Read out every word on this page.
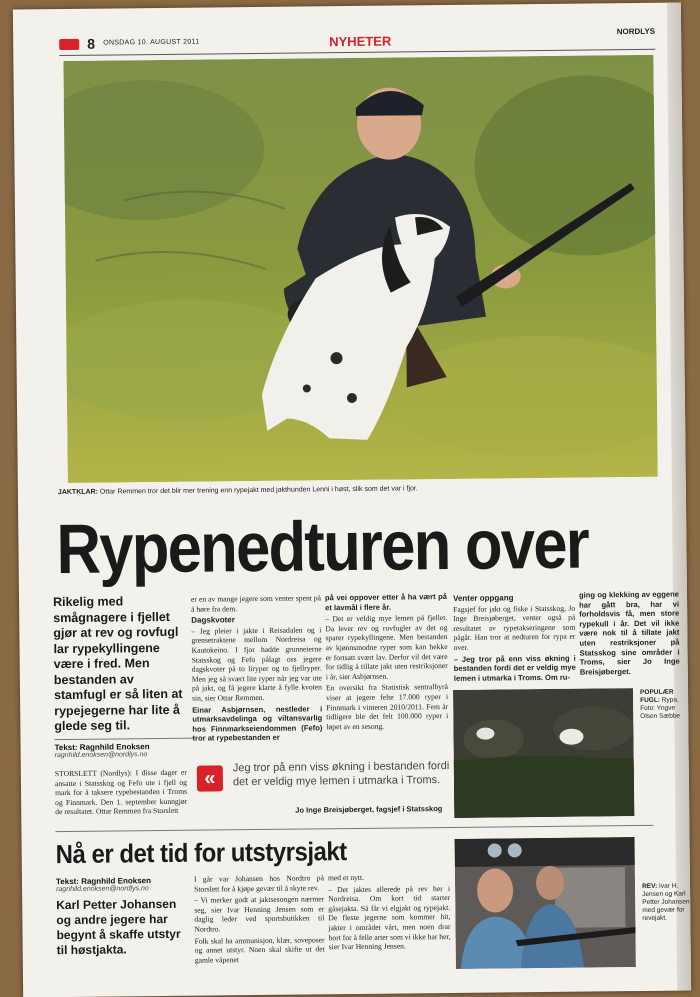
8 ONSDAG 10. AUGUST 2011	NYHETER
NORDLYS
JAKTKLAR: Ottar Remmen tror det blir mer trening enn rypejakt med jakthunden Lenni i høst, slik som det var i fjor.
Rypenedturen over
Rikelig med smågnagere i fjellet gjør at rev og rovfugl lar rypekyllingene være i fred. Men bestanden av stamfugl er så liten at rypejegerne har lite å glede seg til.
Tekst: Ragnhild Enoksen
ragnhild.enoksen@nordlys.no

STORSLETT (Nordlys): I disse dager er ansatte i Statsskog og Fefo ute i fjell og mark for å taksere rypebestanden i Troms og Finnmark. Den 1. september kunngjør de resultatet. Ottar Remmen fra Storslett

er en av mange jegere som venter spent på å høre fra dem.

Dagskvoter

– Jeg pleier i jakte i Reisadalen og i grensetraktene mellom Nordreisa og Kautokeino. I fjor hadde grunneierne Statsskog og Fefo pålagt oss jegere dagskvoter på to liryper og to fjellryper. Men jeg så svært lite ryper når jeg var ute på jakt, og få jegere klarte å fylle kvoten sin, sier Ottar Remmen.

Einar Asbjørnsen, nestleder i utmarksavdelinga og viltansvarlig hos Finnmarkseiendommen (Fefo) tror at rypebestanden er

på vei oppover etter å ha vært på et lavmål i flere år.

– Det er veldig mye lemen på fjellet. Da lever rev og rovfugler av det og sparer rypekyllingene. Men bestanden av kjønnsmodne ryper som kan hekke er fortsatt svært lav. Derfor vil det være for tidlig å tillate jakt uten restriksjoner i år, sier Asbjørnsen.

En oversikt fra Statistisk sentralbyrå viser at jegere felte 17.000 ryper i Finnmark i vinteren 2010/2011. Fem år tidligere ble det felt 100.000 ryper i løpet av en sesong.

Venter oppgang

Fagsjef for jakt og fiske i Statsskog, Jo Inge Breisjøberget, venter også på resultatet av rypetakseringene som pågår. Han tror at nedturen for rypa er over.

– Jeg tror på enn viss økning i bestanden fordi det er veldig mye lemen i utmarka i Troms. Om ru-

ging og klekking av eggene har gått bra, har vi forholdsvis få, men store rypekull i år. Det vil ikke være nok til å tillate jakt uten restriksjoner på Statsskog sine områder i Troms, sier Jo Inge Breisjøberget.

«
Jeg tror på enn viss økning i bestanden fordi det er veldig mye lemen i utmarka i Troms.
Jo Inge Breisjøberget, fagsjef i Statsskog
POPULÆR FUGL: Rypa. Foto: Yngve Olsen Sæbbe
Nå er det tid for utstyrsjakt
Tekst: Ragnhild Enoksen
ragnhild.enoksen@nordlys.no
Karl Petter Johansen og andre jegere har begynt å skaffe utstyr til høstjakta.

I går var Johansen hos Nordtro på Storslett for å kjøpe gevær til å skyte rev.

– Vi merker godt at jaktsesongen nærmer seg, sier Ivar Henning Jensen som er daglig leder ved sportsbutikken til Nordtro.

Folk skal ha ammunisjon, klær, soveposer og annet utstyr. Noen skal skifte ut det gamle våpenet

med et nytt.

– Det jaktes allerede på rev her i Nordreisa. Om kort tid starter gåsejakta. Så får vi elgjakt og rypejakt. De fleste jegerne som kommer hit, jakter i området vårt, men noen drar bort for å felle arter som vi ikke har her, sier Ivar Henning Jensen.

REV: Ivar H. Jensen og Karl Petter Johansen med gevær for revejakt.
